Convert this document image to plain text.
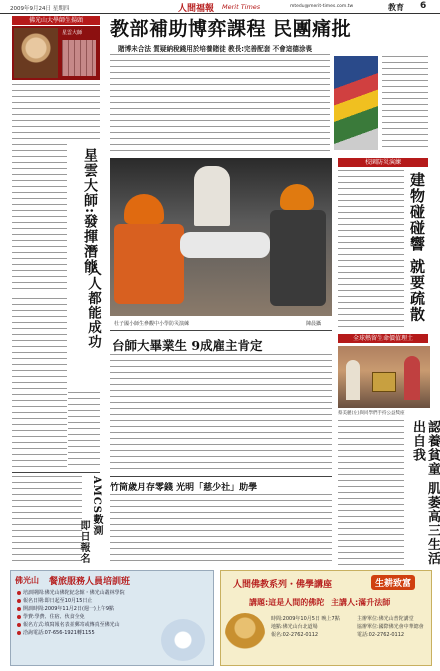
2009年9月24日 星期四	人間福報 Merit Times	mtedu@merit-times.com.tw	教育 6
佛光山大學師生揚頭
星雲大師
星雲大師:發揮潛能
人人都能成功
AMCS數測
即日報名
教部補助博弈課程 民團痛批
賭博未合法 質疑納稅錢用於培養賭徒 教長:完善配套 不會這德涂喪
杜子國小師生參觀中小學防災演練	陳晨攝
校園防災演練
建物碰碰響 就要疏散
台師大畢業生 9成雇主肯定
竹筒歲月存零錢 光明「慈少社」助學
全球熱留生命價值理土
蔡美麗(左)與同學們手持公益獎座
認養貧童 肌萎高三生活出自我
佛光山 餐旅服務人員培訓班
培訓期間:佛光山佛陀紀念館・佛光山叢林學院
報名日期:即日起至10月15日止
開訓時間:2009年11月2日(週一)上午9點
學費:學費、住宿、伙食全免
報名方式:填寫報名表並郵寄或傳真至佛光山
洽詢電話:07-656-1921轉1155
人間佛教系列・佛學講座	生耕致富
講題:這是人間的佛陀 主講人:滿升法師
時間:2009年10月5日 晚上7點
地點:佛光山台北道場
報名:02-2762-0112
主辦單位:佛光山普陀講堂
協辦單位:國際佛光會中華總會
電話:02-2762-0112
